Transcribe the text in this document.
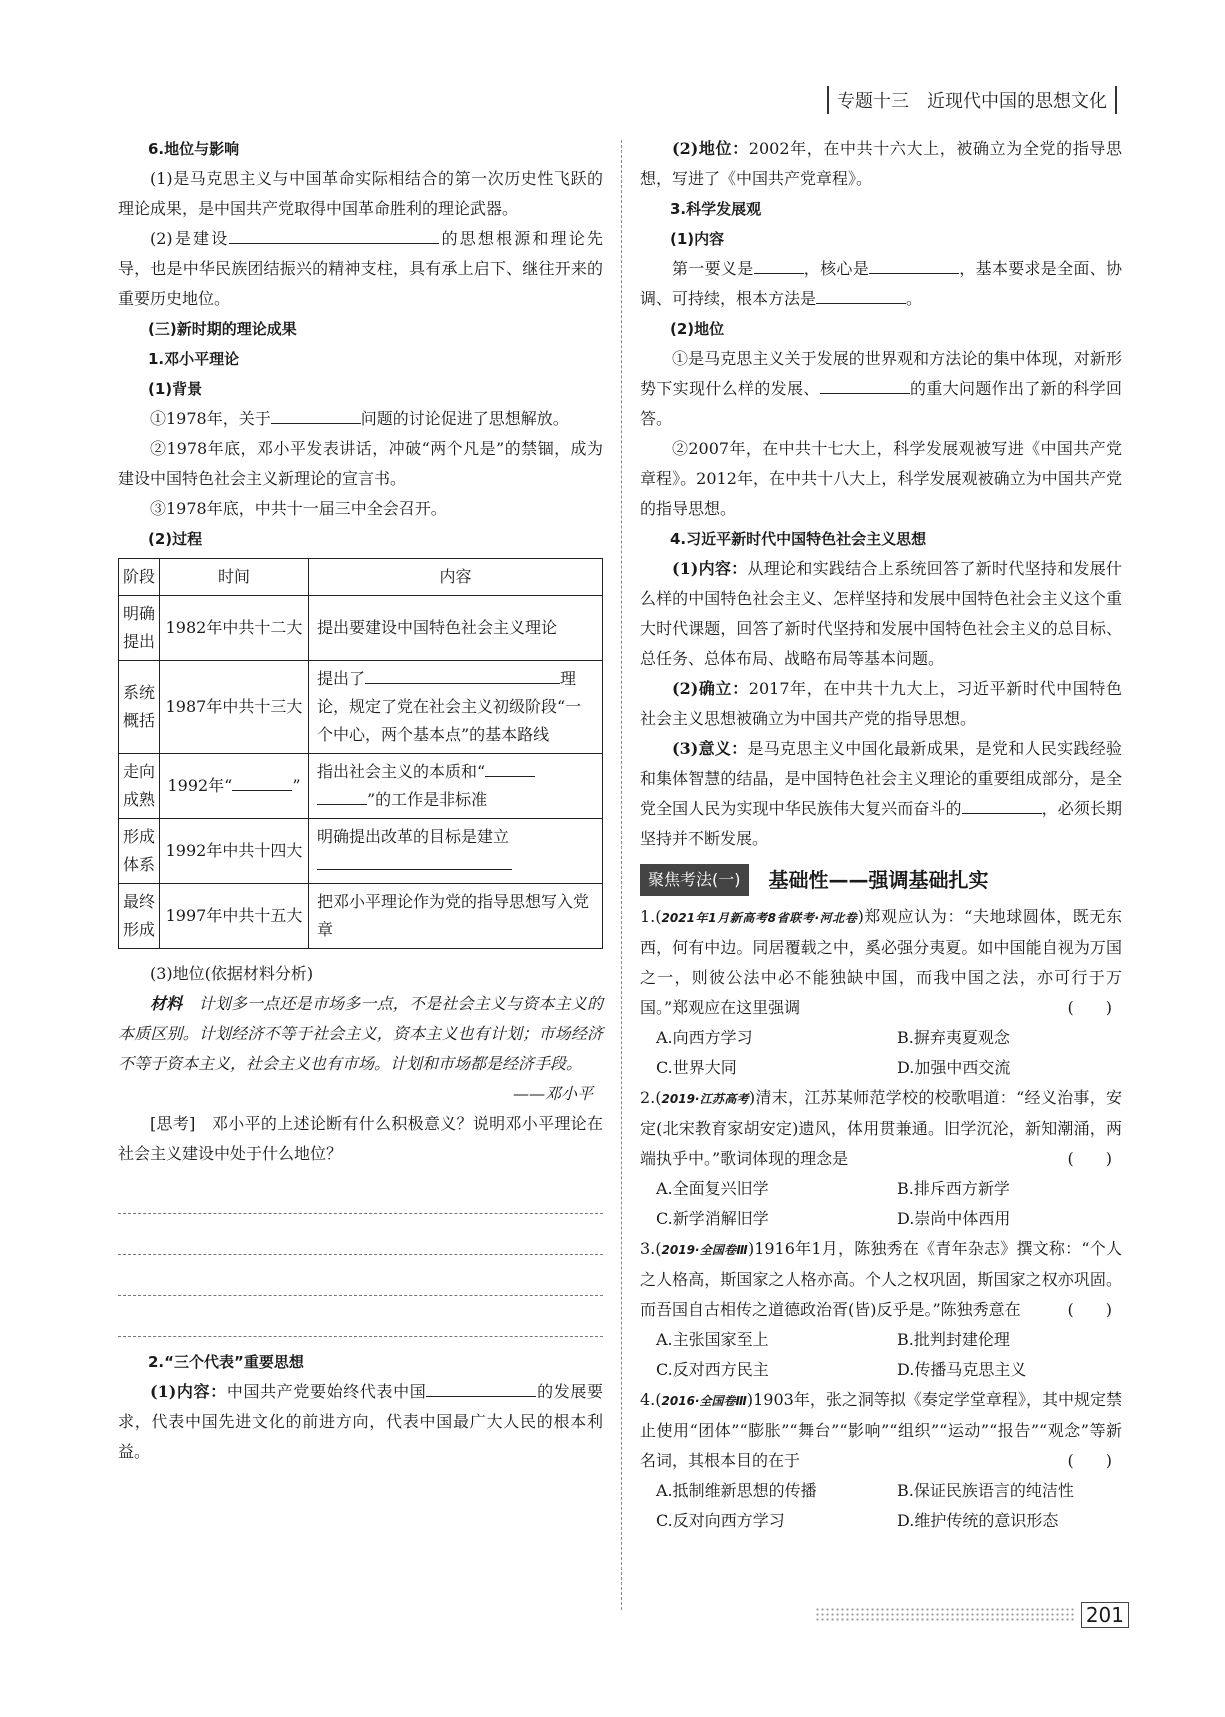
专题十三 近现代中国的思想文化

6.地位与影响

(1)是马克思主义与中国革命实际相结合的第一次历史性飞跃的理论成果，是中国共产党取得中国革命胜利的理论武器。

(2)是建设	的思想根源和理论先导，也是中华民族团结振兴的精神支柱，具有承上启下、继往开来的重要历史地位。

(三)新时期的理论成果

1.邓小平理论

(1)背景

①1978年，关于	问题的讨论促进了思想解放。

②1978年底，邓小平发表讲话，冲破“两个凡是”的禁锢，成为建设中国特色社会主义新理论的宣言书。

③1978年底，中共十一届三中全会召开。

(2)过程

阶段	时间	内容
明确提出	1982年中共十二大	提出要建设中国特色社会主义理论
系统概括	1987年中共十三大	提出了 理论，规定了党在社会主义初级阶段“一个中心，两个基本点”的基本路线
走向成熟	1992年“ ”	指出社会主义的本质和“
”的工作是非标准
形成体系	1992年中共十四大	明确提出改革的目标是建立

最终形成	1997年中共十五大	把邓小平理论作为党的指导思想写入党章

(3)地位(依据材料分析)

材料　 计划多一点还是市场多一点，不是社会主义与资本主义的本质区别。计划经济不等于社会主义，资本主义也有计划；市场经济不等于资本主义，社会主义也有市场。计划和市场都是经济手段。

——邓小平

[思考]　邓小平的上述论断有什么积极意义？说明邓小平理论在社会主义建设中处于什么地位？

2.“三个代表”重要思想

(1)内容：中国共产党要始终代表中国	的发展要求，代表中国先进文化的前进方向，代表中国最广大人民的根本利益。

(2)地位：2002年，在中共十六大上，被确立为全党的指导思想，写进了《中国共产党章程》。

3.科学发展观

(1)内容

第一要义是	，核心是	，基本要求是全面、协调、可持续，根本方法是	。

(2)地位

①是马克思主义关于发展的世界观和方法论的集中体现，对新形势下实现什么样的发展、	的重大问题作出了新的科学回答。

②2007年，在中共十七大上，科学发展观被写进《中国共产党章程》。2012年，在中共十八大上，科学发展观被确立为中国共产党的指导思想。

4.习近平新时代中国特色社会主义思想

(1)内容：从理论和实践结合上系统回答了新时代坚持和发展什么样的中国特色社会主义、怎样坚持和发展中国特色社会主义这个重大时代课题，回答了新时代坚持和发展中国特色社会主义的总目标、总任务、总体布局、战略布局等基本问题。

(2)确立：2017年，在中共十九大上，习近平新时代中国特色社会主义思想被确立为中国共产党的指导思想。

(3)意义：是马克思主义中国化最新成果，是党和人民实践经验和集体智慧的结晶，是中国特色社会主义理论的重要组成部分，是全党全国人民为实现中华民族伟大复兴而奋斗的	，必须长期坚持并不断发展。

聚焦考法(一)	基础性——强调基础扎实

1.(2021年1月新高考8省联考·河北卷)郑观应认为：“夫地球圆体，既无东西，何有中边。同居覆载之中，奚必强分夷夏。如中国能自视为万国之一，则彼公法中必不能独缺中国，而我中国之法，亦可行于万国。”郑观应在这里强调	(　　)

A.向西方学习	B.摒弃夷夏观念
C.世界大同	D.加强中西交流

2.(2019·江苏高考)清末，江苏某师范学校的校歌唱道：“经义治事，安定(北宋教育家胡安定)遗风，体用贯兼通。旧学沉沦，新知潮涌，两端执乎中。”歌词体现的理念是	(　　)

A.全面复兴旧学	B.排斥西方新学
C.新学消解旧学	D.崇尚中体西用

3.(2019·全国卷Ⅲ)1916年1月，陈独秀在《青年杂志》撰文称：“个人之人格高，斯国家之人格亦高。个人之权巩固，斯国家之权亦巩固。而吾国自古相传之道德政治胥(皆)反乎是。”陈独秀意在	(　　)

A.主张国家至上	B.批判封建伦理
C.反对西方民主	D.传播马克思主义

4.(2016·全国卷Ⅲ)1903年，张之洞等拟《奏定学堂章程》，其中规定禁止使用“团体”“膨胀”“舞台”“影响”“组织”“运动”“报告”“观念”等新名词，其根本目的在于	(　　)

A.抵制维新思想的传播	B.保证民族语言的纯洁性
C.反对向西方学习	D.维护传统的意识形态
201
